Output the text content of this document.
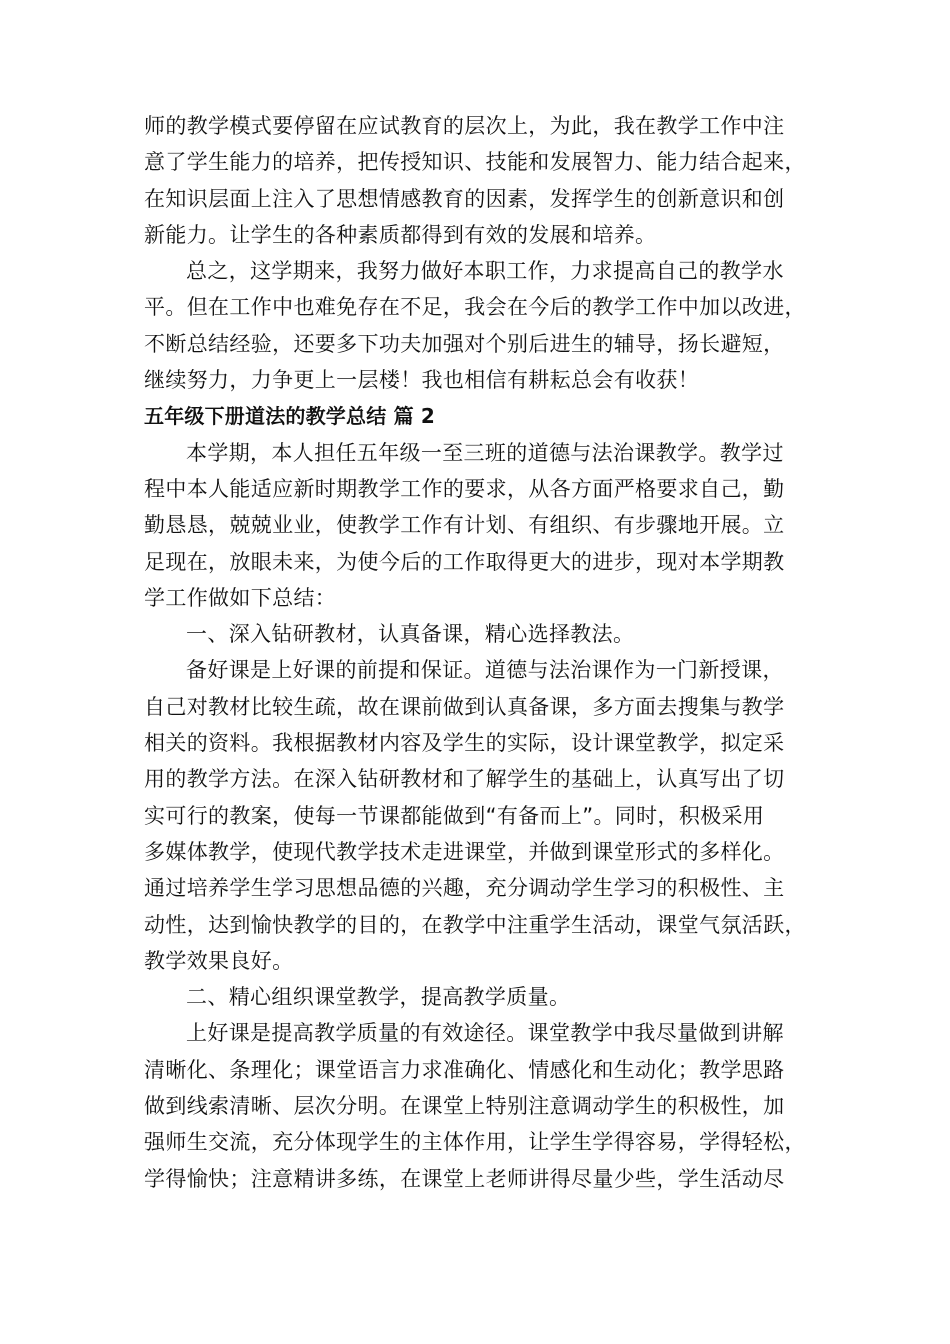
师的教学模式要停留在应试教育的层次上，为此，我在教学工作中注
意了学生能力的培养，把传授知识、技能和发展智力、能力结合起来，
在知识层面上注入了思想情感教育的因素，发挥学生的创新意识和创
新能力。让学生的各种素质都得到有效的发展和培养。
总之，这学期来，我努力做好本职工作，力求提高自己的教学水
平。但在工作中也难免存在不足，我会在今后的教学工作中加以改进，
不断总结经验，还要多下功夫加强对个别后进生的辅导，扬长避短，
继续努力，力争更上一层楼！我也相信有耕耘总会有收获！
五年级下册道法的教学总结 篇 2
本学期，本人担任五年级一至三班的道德与法治课教学。教学过
程中本人能适应新时期教学工作的要求，从各方面严格要求自己，勤
勤恳恳，兢兢业业，使教学工作有计划、有组织、有步骤地开展。立
足现在，放眼未来，为使今后的工作取得更大的进步，现对本学期教
学工作做如下总结：
一、深入钻研教材，认真备课，精心选择教法。
备好课是上好课的前提和保证。道德与法治课作为一门新授课，
自己对教材比较生疏，故在课前做到认真备课，多方面去搜集与教学
相关的资料。我根据教材内容及学生的实际，设计课堂教学，拟定采
用的教学方法。在深入钻研教材和了解学生的基础上，认真写出了切
实可行的教案，使每一节课都能做到“有备而上”。同时，积极采用
多媒体教学，使现代教学技术走进课堂，并做到课堂形式的多样化。
通过培养学生学习思想品德的兴趣，充分调动学生学习的积极性、主
动性，达到愉快教学的目的，在教学中注重学生活动，课堂气氛活跃，
教学效果良好。
二、精心组织课堂教学，提高教学质量。
上好课是提高教学质量的有效途径。课堂教学中我尽量做到讲解
清晰化、条理化；课堂语言力求准确化、情感化和生动化；教学思路
做到线索清晰、层次分明。在课堂上特别注意调动学生的积极性，加
强师生交流，充分体现学生的主体作用，让学生学得容易，学得轻松，
学得愉快；注意精讲多练，在课堂上老师讲得尽量少些，学生活动尽
